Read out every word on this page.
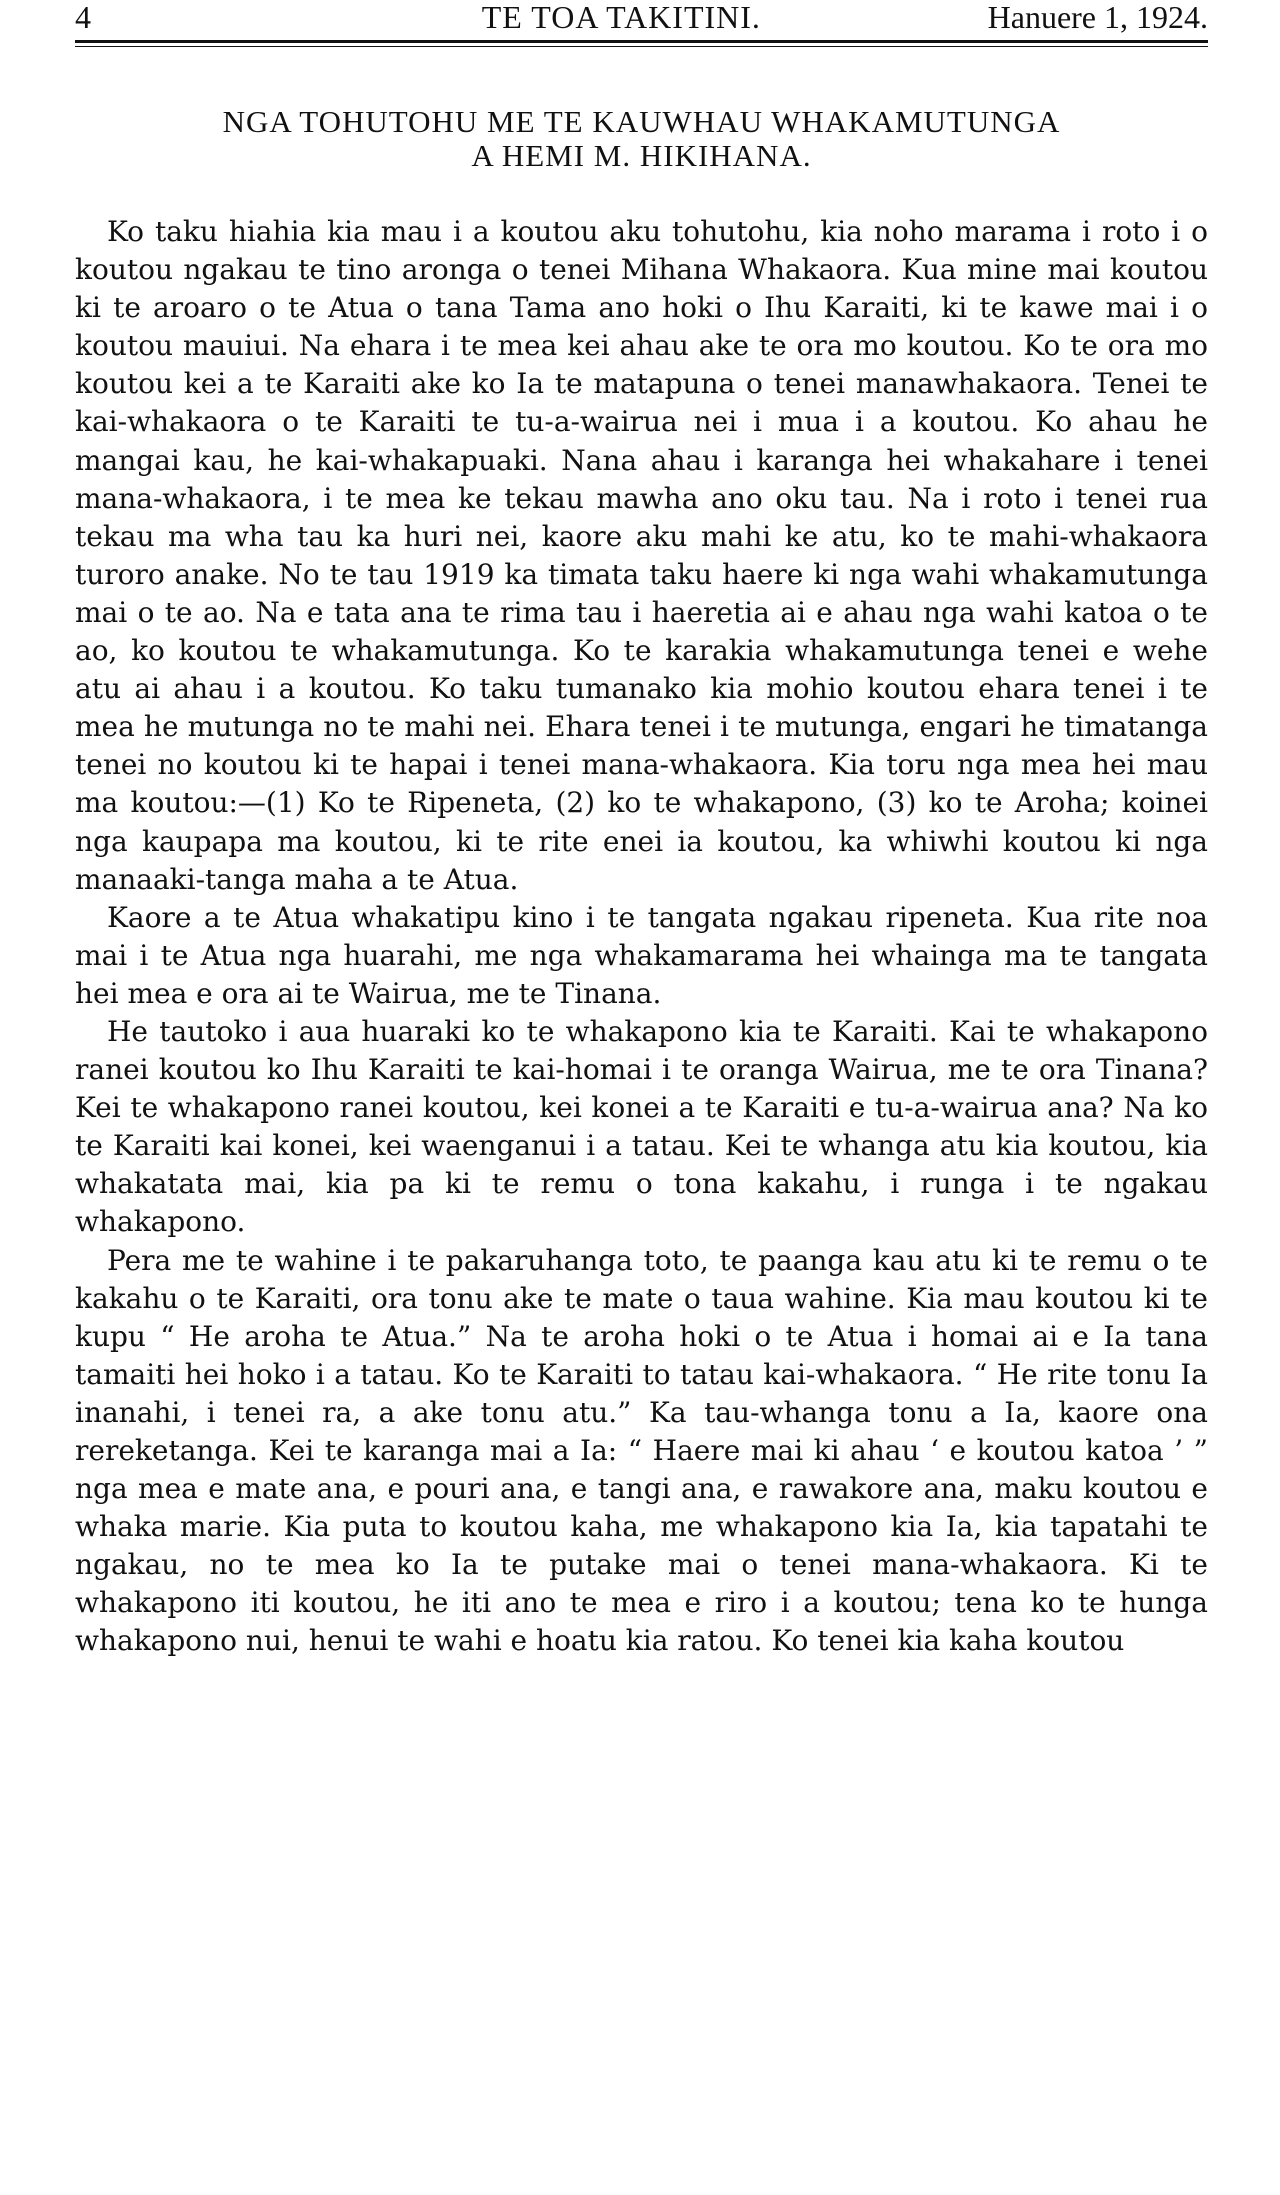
4	TE TOA TAKITINI.	Hanuere 1, 1924.
NGA TOHUTOHU ME TE KAUWHAU WHAKAMUTUNGA
A HEMI M. HIKIHANA.

Ko taku hiahia kia mau i a koutou aku tohutohu, kia noho marama i roto i o koutou ngakau te tino aronga o tenei Mihana Whakaora. Kua mine mai koutou ki te aroaro o te Atua o tana Tama ano hoki o Ihu Karaiti, ki te kawe mai i o koutou mauiui. Na ehara i te mea kei ahau ake te ora mo koutou. Ko te ora mo koutou kei a te Karaiti ake ko Ia te matapuna o tenei manawhakaora. Tenei te kai-whakaora o te Karaiti te tu-a-wairua nei i mua i a koutou. Ko ahau he mangai kau, he kai-whakapuaki. Nana ahau i karanga hei whakahare i tenei mana-whakaora, i te mea ke tekau mawha ano oku tau. Na i roto i tenei rua tekau ma wha tau ka huri nei, kaore aku mahi ke atu, ko te mahi-whakaora turoro anake. No te tau 1919 ka timata taku haere ki nga wahi whakamutunga mai o te ao. Na e tata ana te rima tau i haeretia ai e ahau nga wahi katoa o te ao, ko koutou te whakamutunga. Ko te karakia whakamutunga tenei e wehe atu ai ahau i a koutou. Ko taku tumanako kia mohio koutou ehara tenei i te mea he mutunga no te mahi nei. Ehara tenei i te mutunga, engari he timatanga tenei no koutou ki te hapai i tenei mana-whakaora. Kia toru nga mea hei mau ma koutou:—(1) Ko te Ripeneta, (2) ko te whakapono, (3) ko te Aroha; koinei nga kaupapa ma koutou, ki te rite enei ia koutou, ka whiwhi koutou ki nga manaaki-tanga maha a te Atua.

Kaore a te Atua whakatipu kino i te tangata ngakau ripeneta. Kua rite noa mai i te Atua nga huarahi, me nga whakamarama hei whainga ma te tangata hei mea e ora ai te Wairua, me te Tinana.

He tautoko i aua huaraki ko te whakapono kia te Karaiti. Kai te whakapono ranei koutou ko Ihu Karaiti te kai-homai i te oranga Wairua, me te ora Tinana? Kei te whakapono ranei koutou, kei konei a te Karaiti e tu-a-wairua ana? Na ko te Karaiti kai konei, kei waenganui i a tatau. Kei te whanga atu kia koutou, kia whakatata mai, kia pa ki te remu o tona kakahu, i runga i te ngakau whakapono.

Pera me te wahine i te pakaruhanga toto, te paanga kau atu ki te remu o te kakahu o te Karaiti, ora tonu ake te mate o taua wahine. Kia mau koutou ki te kupu “ He aroha te Atua.” Na te aroha hoki o te Atua i homai ai e Ia tana tamaiti hei hoko i a tatau. Ko te Karaiti to tatau kai-whakaora. “ He rite tonu Ia inanahi, i tenei ra, a ake tonu atu.” Ka tau-whanga tonu a Ia, kaore ona rereketanga. Kei te karanga mai a Ia: “ Haere mai ki ahau ‘ e koutou katoa ’ ” nga mea e mate ana, e pouri ana, e tangi ana, e rawakore ana, maku koutou e whaka marie. Kia puta to koutou kaha, me whakapono kia Ia, kia tapatahi te ngakau, no te mea ko Ia te putake mai o tenei mana-whakaora. Ki te whakapono iti koutou, he iti ano te mea e riro i a koutou; tena ko te hunga whakapono nui, henui te wahi e hoatu kia ratou. Ko tenei kia kaha koutou
